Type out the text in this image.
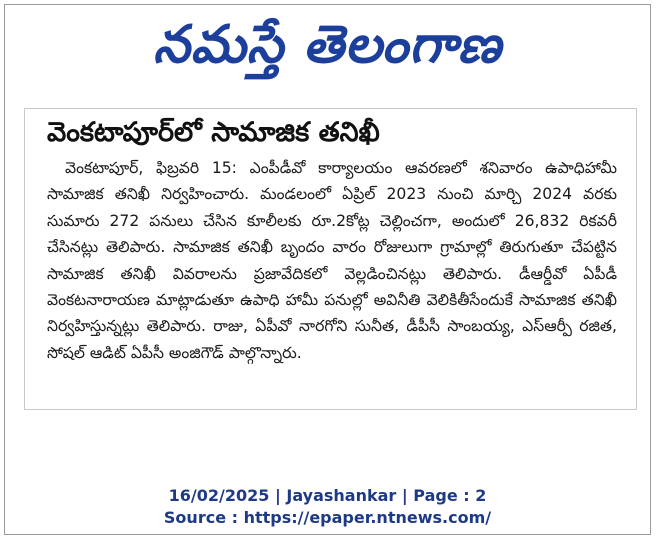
నమస్తే తెలంగాణ
వెంకటాపూర్‌లో సామాజిక తనిఖీ
వెంకటాపూర్, ఫిబ్రవరి 15: ఎంపీడీవో కార్యాలయం ఆవరణలో శనివారం ఉపాధిహామీ సామాజిక తనిఖీ నిర్వహించారు. మండలంలో ఏప్రిల్ 2023 నుంచి మార్చి 2024 వరకు సుమారు 272 పనులు చేసిన కూలీలకు రూ.2కోట్ల చెల్లించగా, అందులో 26,832 రికవరీ చేసినట్లు తెలిపారు. సామాజిక తనిఖీ బృందం వారం రోజులుగా గ్రామాల్లో తిరుగుతూ చేపట్టిన సామాజిక తనిఖీ వివరాలను ప్రజావేదికలో వెల్లడించినట్లు తెలిపారు. డీఆర్డీవో ఏపీడీ వెంకటనారాయణ మాట్లాడుతూ ఉపాధి హామీ పనుల్లో అవినీతి వెలికితీసేందుకే సామాజిక తనిఖీ నిర్వహిస్తున్నట్లు తెలిపారు. రాజు, ఏపీవో నారగోని సునీత, డీపీసీ సాంబయ్య, ఎస్ఆర్పీ రజిత, సోషల్ ఆడిట్ ఏపీసీ అంజిగౌడ్ పాల్గొన్నారు.
16/02/2025 | Jayashankar | Page : 2
Source : https://epaper.ntnews.com/
